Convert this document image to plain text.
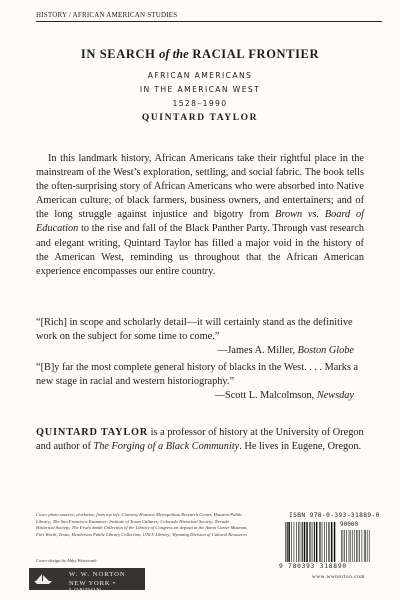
HISTORY / AFRICAN AMERICAN STUDIES
IN SEARCH of the RACIAL FRONTIER
AFRICAN AMERICANS
IN THE AMERICAN WEST
1528–1990
QUINTARD TAYLOR

In this landmark history, African Americans take their rightful place in the mainstream of the West’s exploration, settling, and social fabric. The book tells the often-surprising story of African Americans who were absorbed into Native American culture; of black farmers, business owners, and entertainers; and of the long struggle against injustice and bigotry from Brown vs. Board of Education to the rise and fall of the Black Panther Party. Through vast research and elegant writing, Quintard Taylor has filled a major void in the history of the American West, reminding us throughout that the African American experience encompasses our entire country.

“[Rich] in scope and scholarly detail—it will certainly stand as the definitive work on the subject for some time to come.”
—James A. Miller, Boston Globe
“[B]y far the most complete general history of blacks in the West. . . . Marks a new stage in racial and western historiography.”
—Scott L. Malcolmson, Newsday

QUINTARD TAYLOR is a professor of history at the University of Oregon and author of The Forging of a Black Community. He lives in Eugene, Oregon.

Cover photo sources, clockwise, from top left: Courtesy Houston Metropolitan Research Center, Houston Public Library; The San Francisco Examiner; Institute of Texan Cultures; Colorado Historical Society; Nevada Historical Society; The Erwin Smith Collection of the Library of Congress on deposit at the Amon Carter Museum, Fort Worth, Texas; Henderson Public Library Collection, UNLV Library; Wyoming Division of Cultural Resources
Cover design by Abby Weintraub
ISBN 978-0-393-31889-0
90000
9 780393 318890
W. W. NORTON
NEW YORK • LONDON
www.wwnorton.com
